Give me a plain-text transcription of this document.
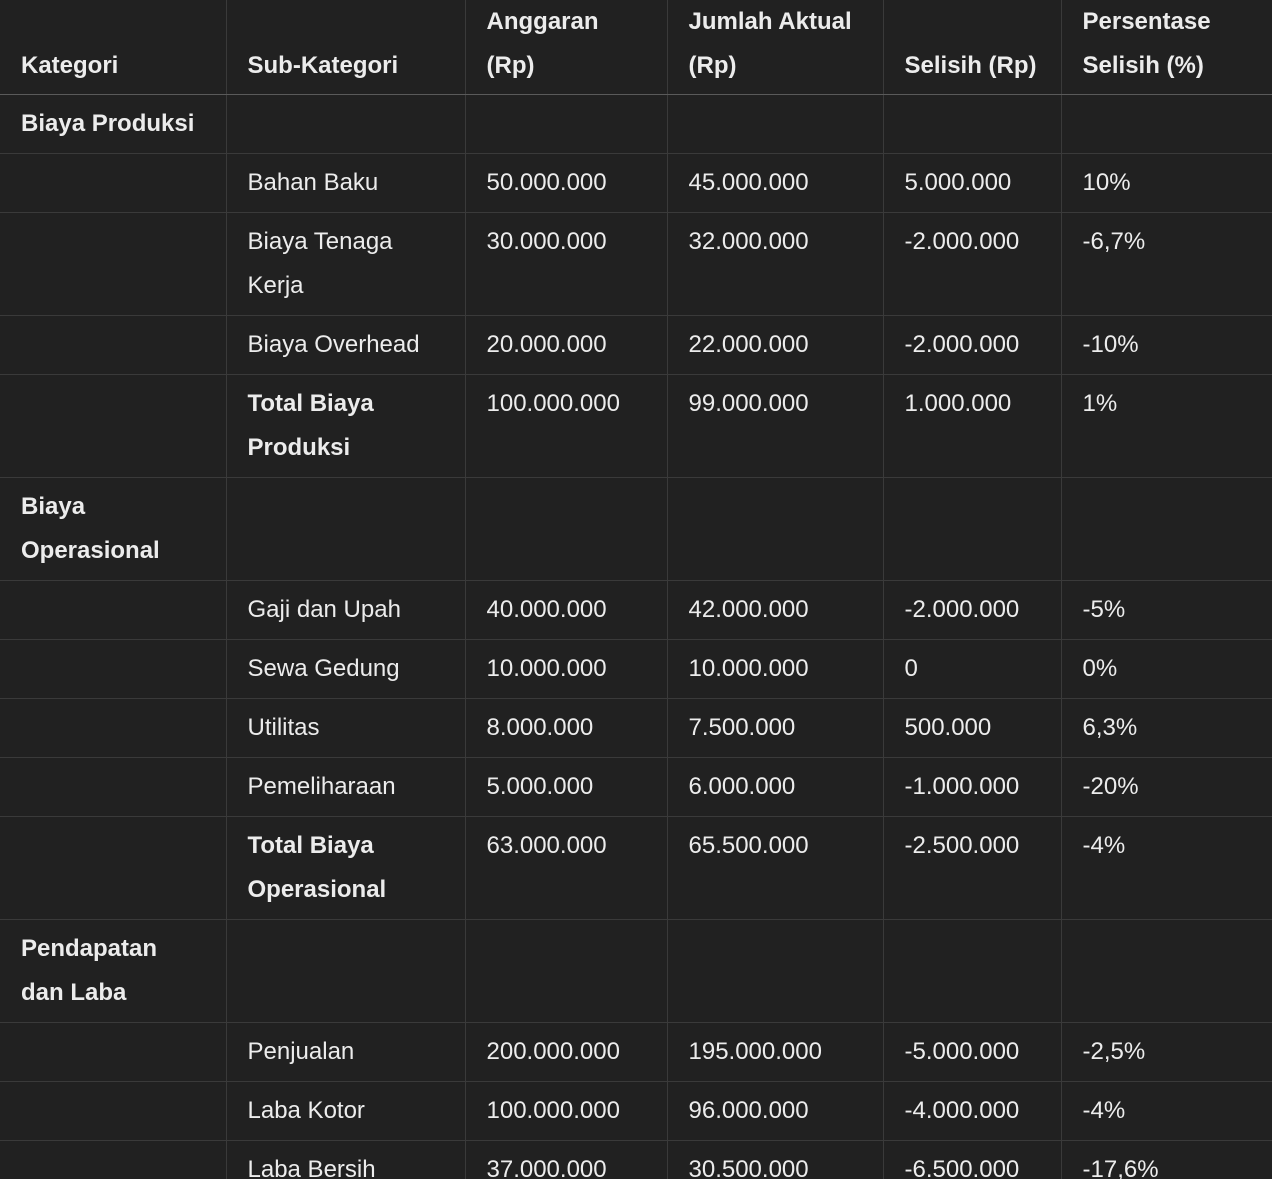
Kategori	Sub-Kategori	Anggaran (Rp)	Jumlah Aktual (Rp)	Selisih (Rp)	Persentase Selisih (%)
Biaya Produksi					
	Bahan Baku	50.000.000	45.000.000	5.000.000	10%
	Biaya Tenaga Kerja	30.000.000	32.000.000	-2.000.000	-6,7%
	Biaya Overhead	20.000.000	22.000.000	-2.000.000	-10%
	Total Biaya Produksi	100.000.000	99.000.000	1.000.000	1%
Biaya Operasional					
	Gaji dan Upah	40.000.000	42.000.000	-2.000.000	-5%
	Sewa Gedung	10.000.000	10.000.000	0	0%
	Utilitas	8.000.000	7.500.000	500.000	6,3%
	Pemeliharaan	5.000.000	6.000.000	-1.000.000	-20%
	Total Biaya Operasional	63.000.000	65.500.000	-2.500.000	-4%
Pendapatan dan Laba					
	Penjualan	200.000.000	195.000.000	-5.000.000	-2,5%
	Laba Kotor	100.000.000	96.000.000	-4.000.000	-4%
	Laba Bersih	37.000.000	30.500.000	-6.500.000	-17,6%
